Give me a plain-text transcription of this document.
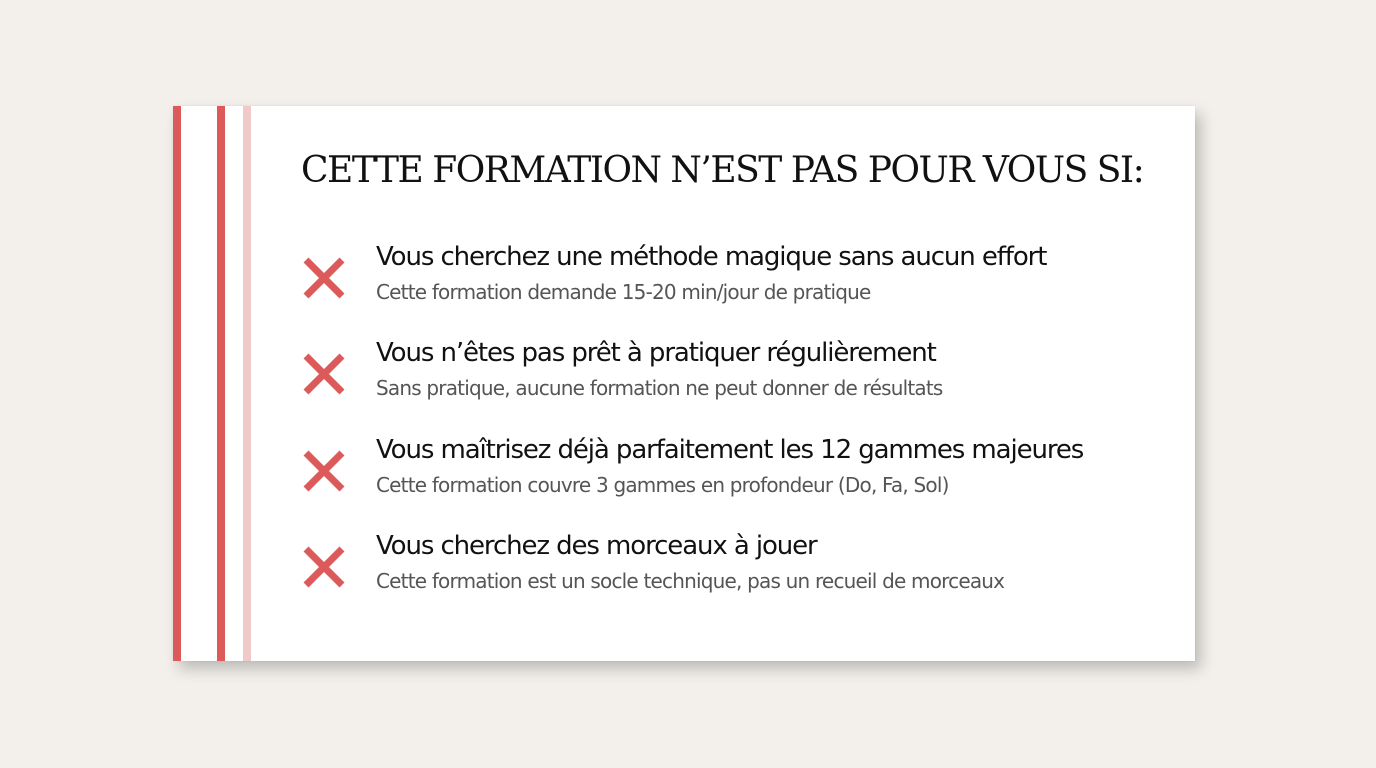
CETTE FORMATION N’EST PAS POUR VOUS SI:
Vous cherchez une méthode magique sans aucun effort
Cette formation demande 15-20 min/jour de pratique
Vous n’êtes pas prêt à pratiquer régulièrement
Sans pratique, aucune formation ne peut donner de résultats
Vous maîtrisez déjà parfaitement les 12 gammes majeures
Cette formation couvre 3 gammes en profondeur (Do, Fa, Sol)
Vous cherchez des morceaux à jouer
Cette formation est un socle technique, pas un recueil de morceaux
